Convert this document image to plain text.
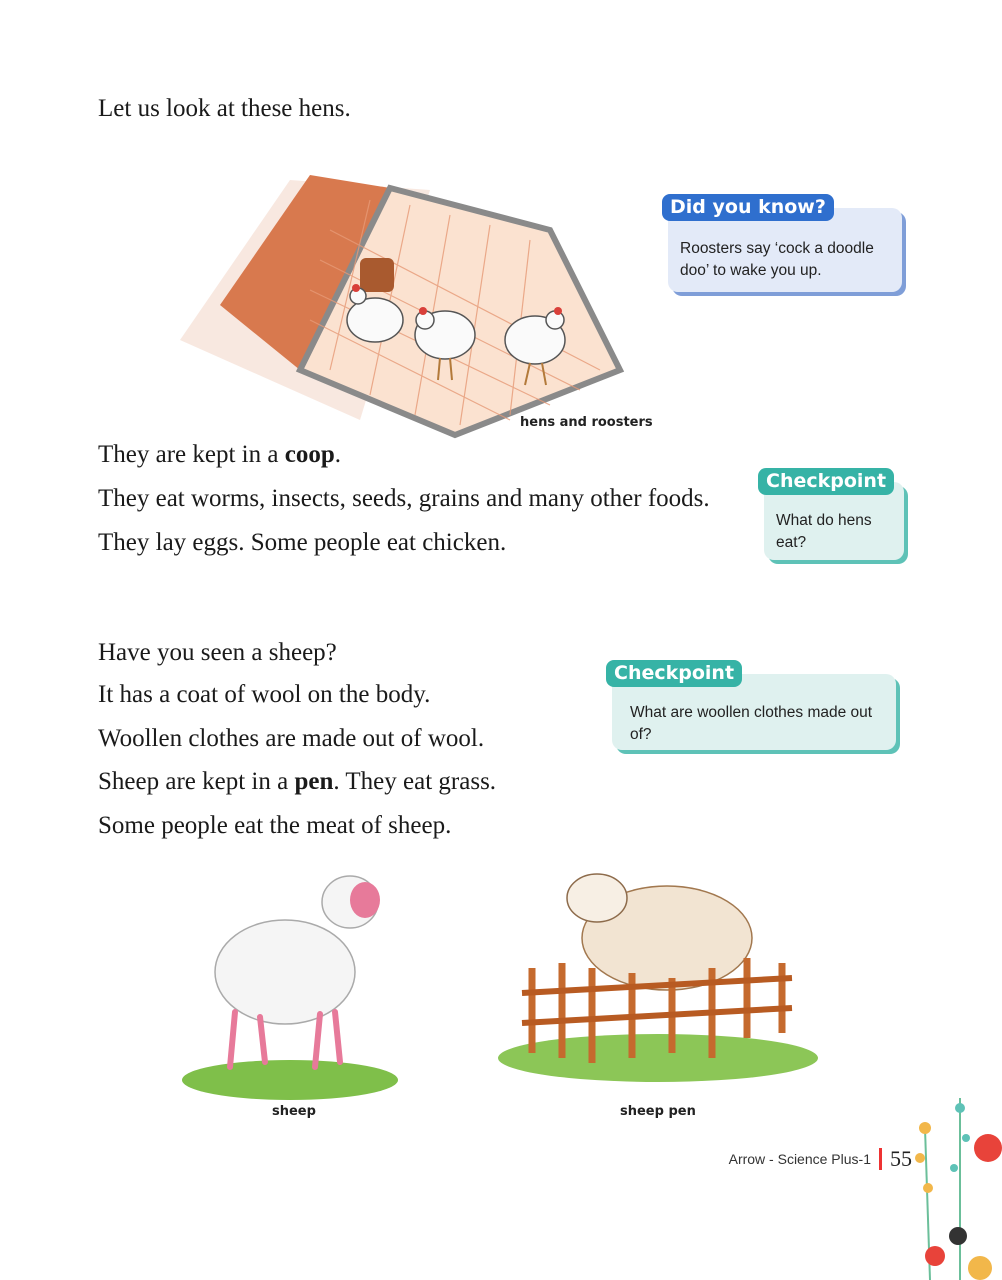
Let us look at these hens.
They are kept in a coop.
They eat worms, insects, seeds, grains and many other foods.
They lay eggs. Some people eat chicken.
Have you seen a sheep?
It has a coat of wool on the body.
Woollen clothes are made out of wool.
Sheep are kept in a pen. They eat grass.
Some people eat the meat of sheep.
hens and roosters
Did you know?
Roosters say ‘cock a doodle doo’ to wake you up.
Checkpoint
What do hens eat?
Checkpoint
What are woollen clothes made out of?
sheep	sheep pen
Arrow - Science Plus-1 55
